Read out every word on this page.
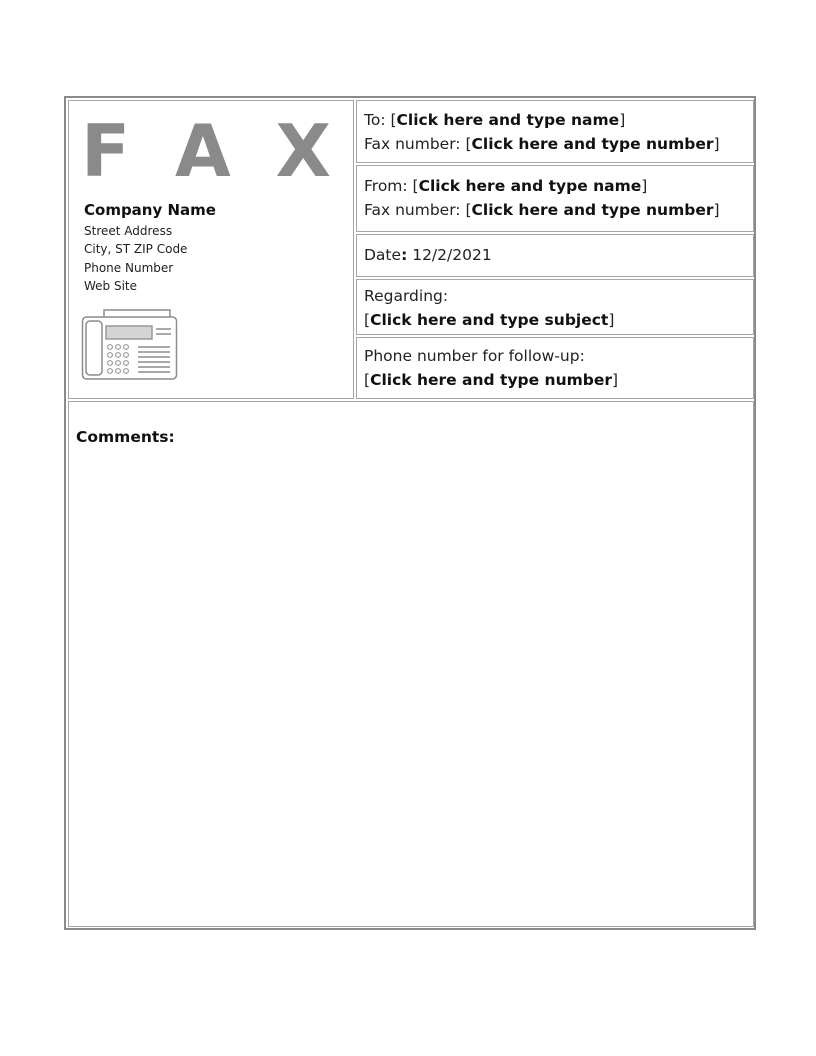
F A X
Company Name
Street Address
City, ST ZIP Code
Phone Number
Web Site
To: [Click here and type name]
Fax number: [Click here and type number]
From: [Click here and type name]
Fax number: [Click here and type number]
Date: 12/2/2021
Regarding:
[Click here and type subject]
Phone number for follow-up:
[Click here and type number]
Comments:
